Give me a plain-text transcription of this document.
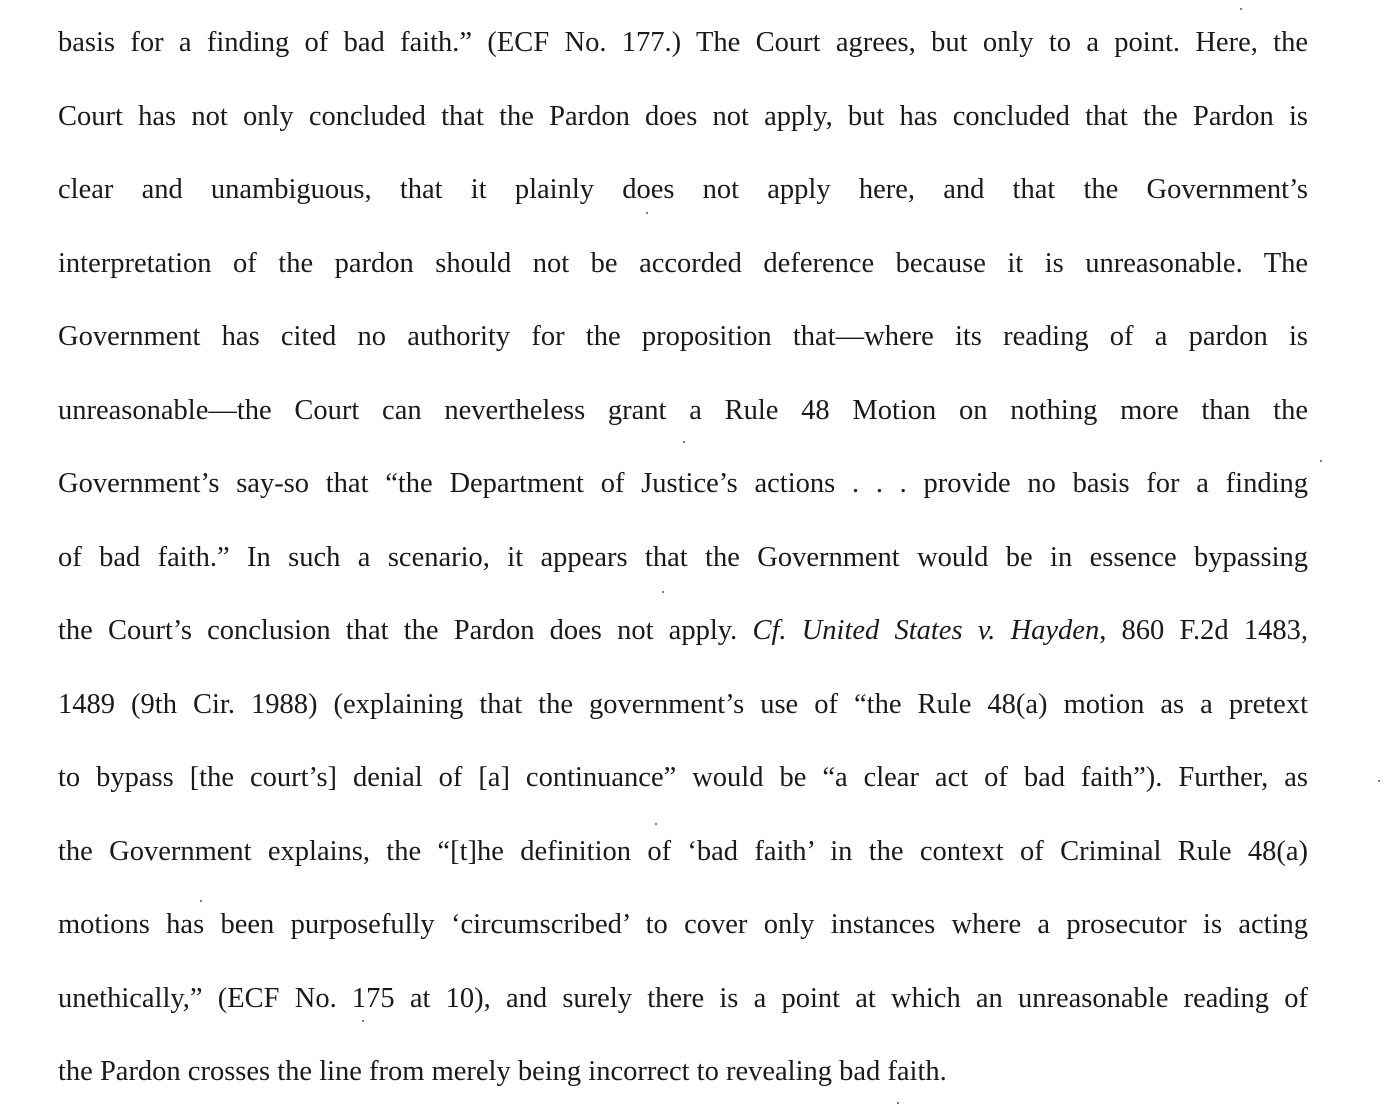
basis for a finding of bad faith.” (ECF No. 177.) The Court agrees, but only to a point. Here, the
Court has not only concluded that the Pardon does not apply, but has concluded that the Pardon is
clear and unambiguous, that it plainly does not apply here, and that the Government’s
interpretation of the pardon should not be accorded deference because it is unreasonable. The
Government has cited no authority for the proposition that—where its reading of a pardon is
unreasonable—the Court can nevertheless grant a Rule 48 Motion on nothing more than the
Government’s say-so that “the Department of Justice’s actions . . . provide no basis for a finding
of bad faith.” In such a scenario, it appears that the Government would be in essence bypassing
the Court’s conclusion that the Pardon does not apply. Cf. United States v. Hayden, 860 F.2d 1483,
1489 (9th Cir. 1988) (explaining that the government’s use of “the Rule 48(a) motion as a pretext
to bypass [the court’s] denial of [a] continuance” would be “a clear act of bad faith”). Further, as
the Government explains, the “[t]he definition of ‘bad faith’ in the context of Criminal Rule 48(a)
motions has been purposefully ‘circumscribed’ to cover only instances where a prosecutor is acting
unethically,” (ECF No. 175 at 10), and surely there is a point at which an unreasonable reading of
the Pardon crosses the line from merely being incorrect to revealing bad faith.
